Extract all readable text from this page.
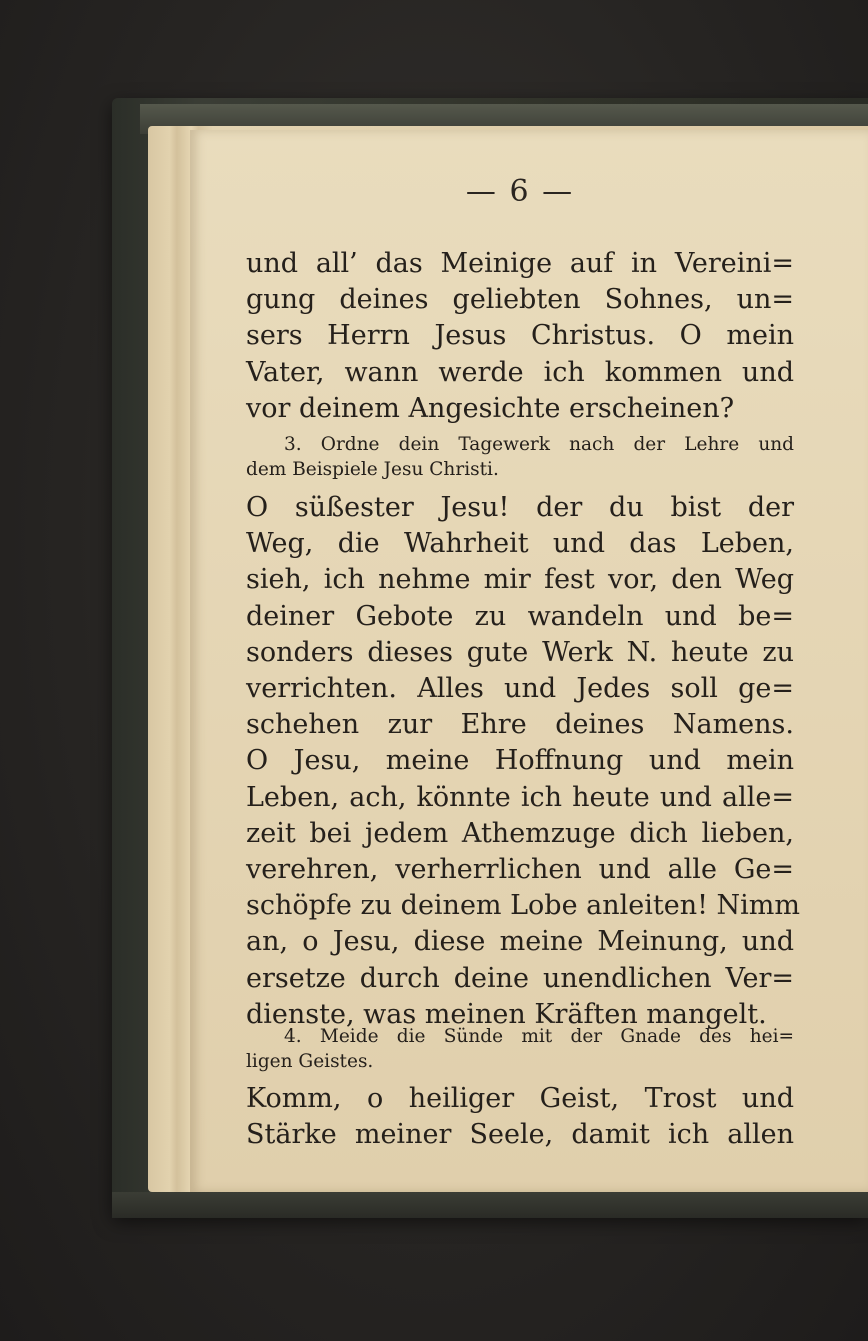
— 6 —
und all’ das Meinige auf in Vereini=
gung deines geliebten Sohnes, un=
sers Herrn Jesus Christus. O mein
Vater, wann werde ich kommen und
vor deinem Angesichte erscheinen?
3. Ordne dein Tagewerk nach der Lehre und
dem Beispiele Jesu Christi.
O süßester Jesu! der du bist der
Weg, die Wahrheit und das Leben,
sieh, ich nehme mir fest vor, den Weg
deiner Gebote zu wandeln und be=
sonders dieses gute Werk N. heute zu
verrichten. Alles und Jedes soll ge=
schehen zur Ehre deines Namens.
O Jesu, meine Hoffnung und mein
Leben, ach, könnte ich heute und alle=
zeit bei jedem Athemzuge dich lieben,
verehren, verherrlichen und alle Ge=
schöpfe zu deinem Lobe anleiten! Nimm
an, o Jesu, diese meine Meinung, und
ersetze durch deine unendlichen Ver=
dienste, was meinen Kräften mangelt.
4. Meide die Sünde mit der Gnade des hei=
ligen Geistes.
Komm, o heiliger Geist, Trost und
Stärke meiner Seele, damit ich allen
